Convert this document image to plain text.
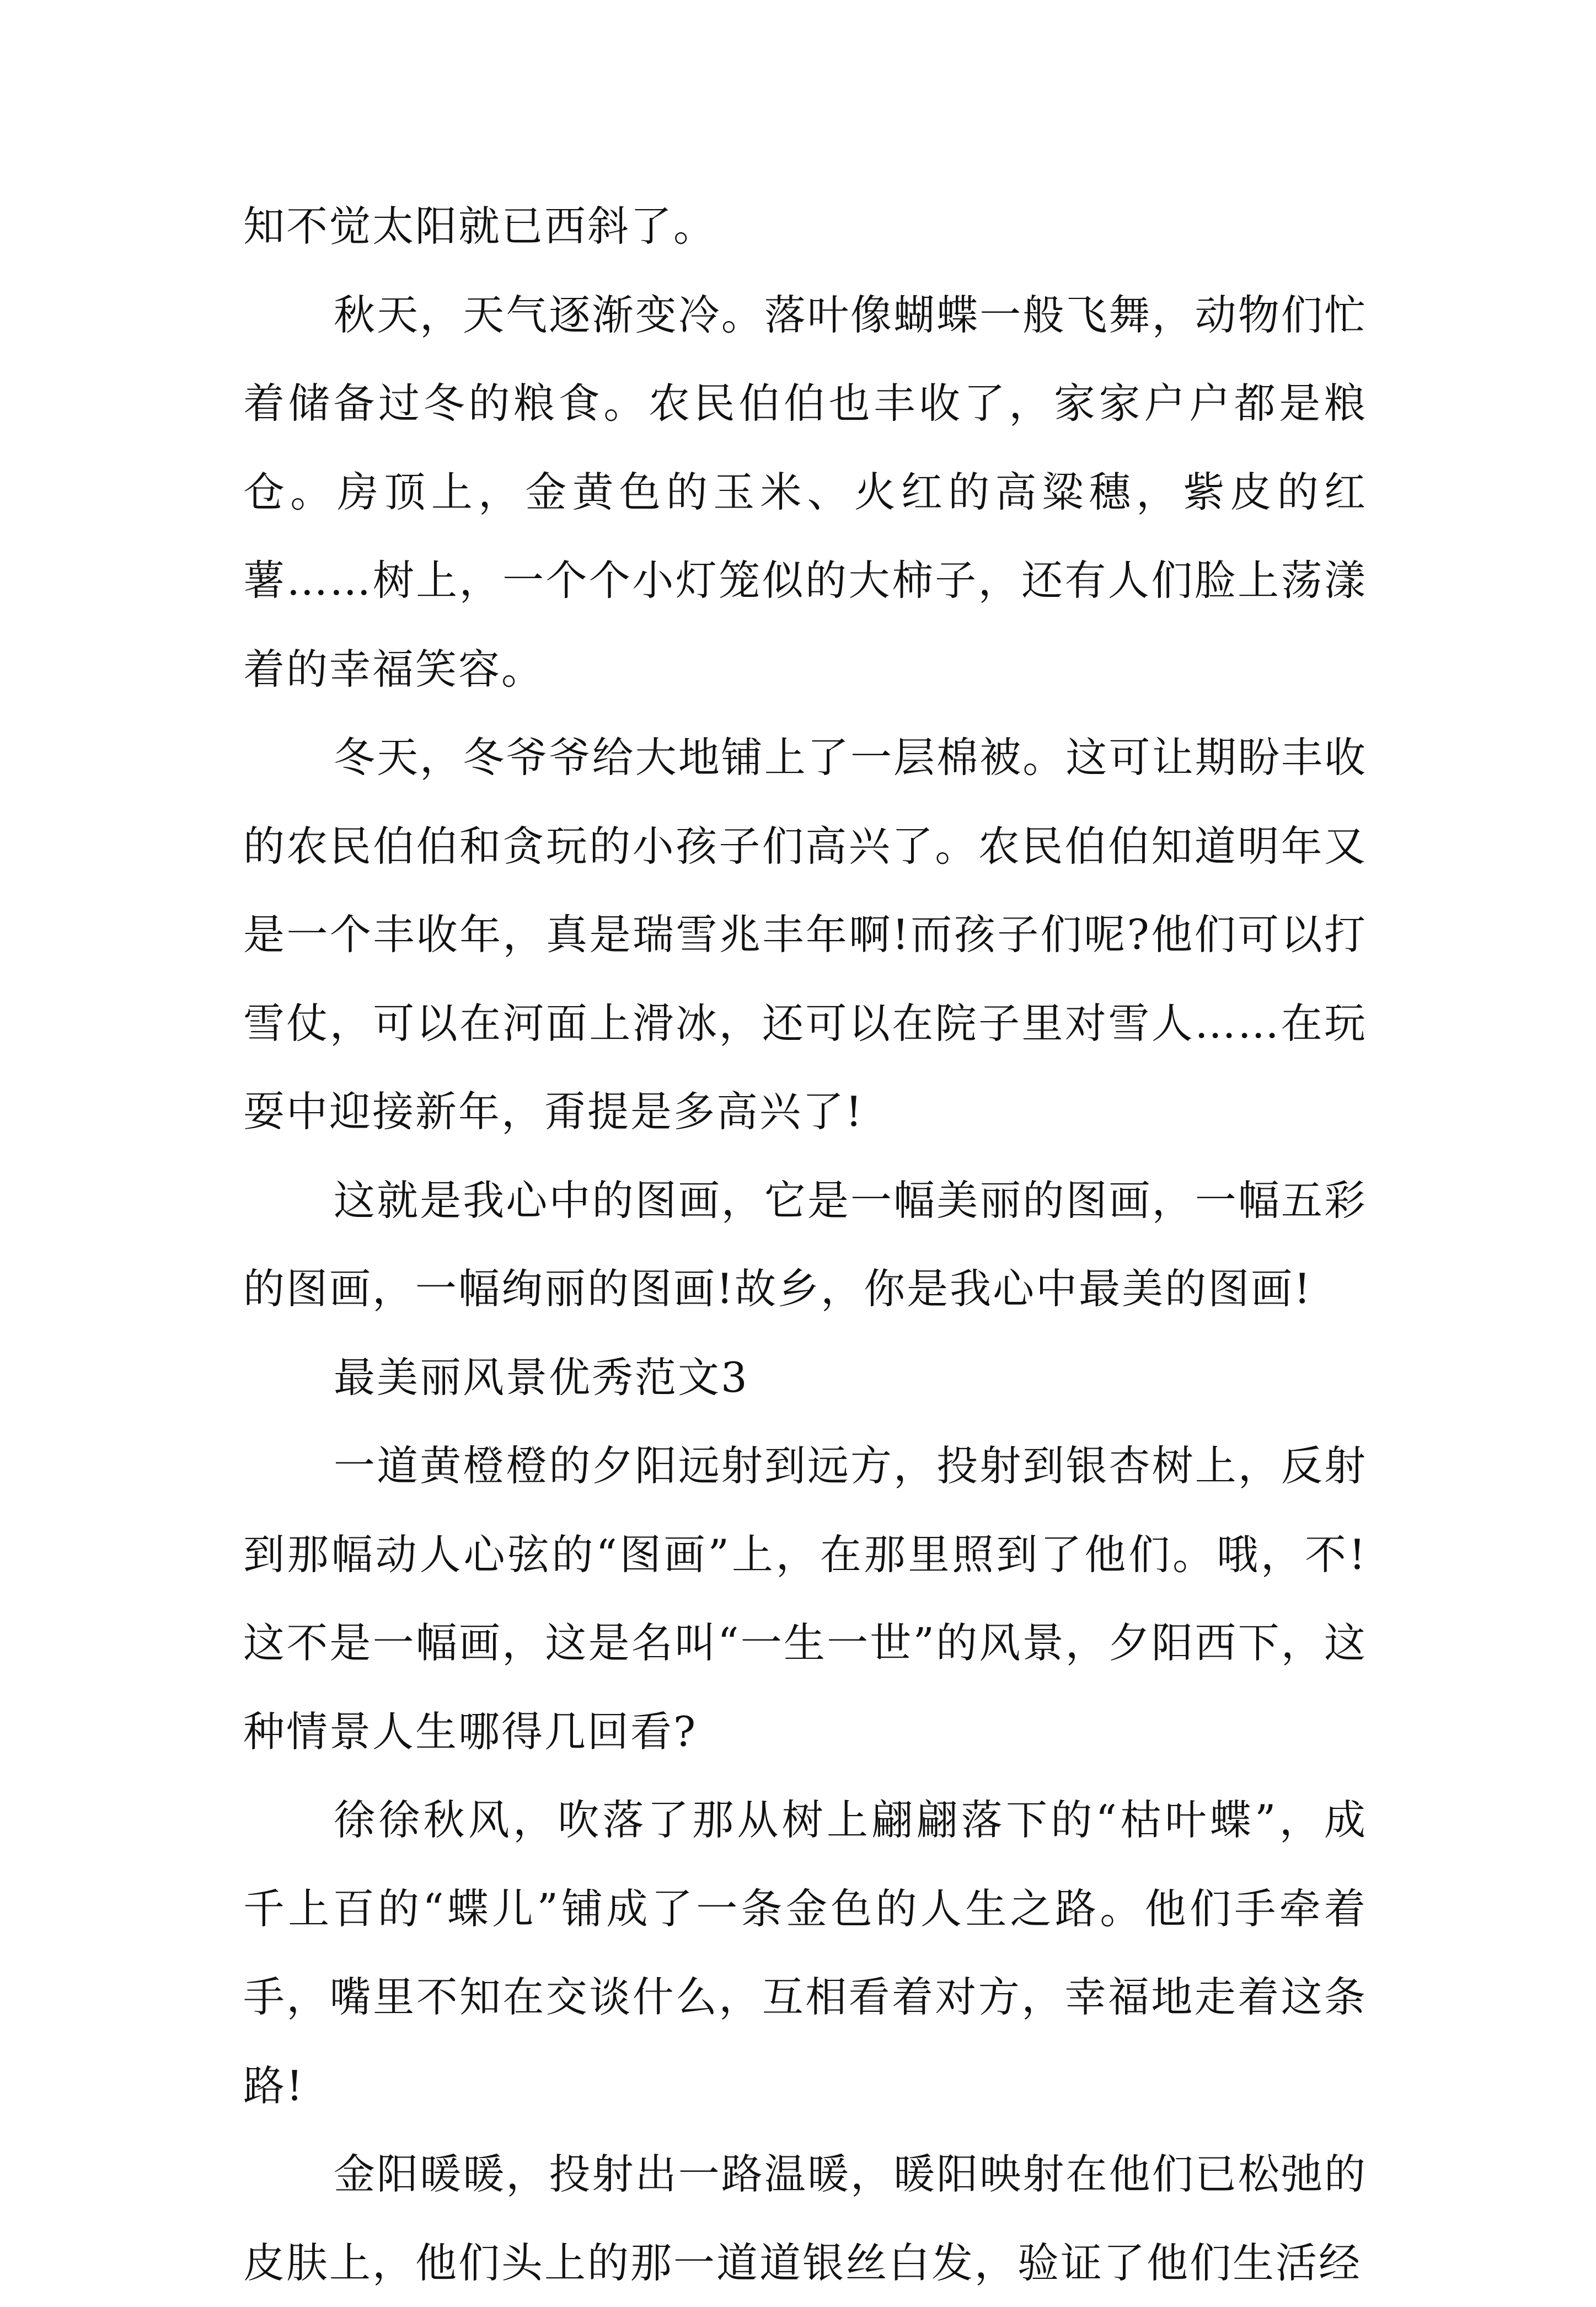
知不觉太阳就已西斜了。

秋天，天气逐渐变冷。落叶像蝴蝶一般飞舞，动物们忙着储备过冬的粮食。农民伯伯也丰收了，家家户户都是粮仓。房顶上，金黄色的玉米、火红的高粱穗，紫皮的红薯……树上，一个个小灯笼似的大柿子，还有人们脸上荡漾着的幸福笑容。

冬天，冬爷爷给大地铺上了一层棉被。这可让期盼丰收的农民伯伯和贪玩的小孩子们高兴了。农民伯伯知道明年又是一个丰收年，真是瑞雪兆丰年啊!而孩子们呢?他们可以打雪仗，可以在河面上滑冰，还可以在院子里对雪人……在玩耍中迎接新年，甭提是多高兴了!

这就是我心中的图画，它是一幅美丽的图画，一幅五彩的图画，一幅绚丽的图画!故乡，你是我心中最美的图画!

最美丽风景优秀范文3

一道黄橙橙的夕阳远射到远方，投射到银杏树上，反射到那幅动人心弦的“图画”上，在那里照到了他们。哦，不!这不是一幅画，这是名叫“一生一世”的风景，夕阳西下，这种情景人生哪得几回看?

徐徐秋风，吹落了那从树上翩翩落下的“枯叶蝶”，成千上百的“蝶儿”铺成了一条金色的人生之路。他们手牵着手，嘴里不知在交谈什么，互相看着对方，幸福地走着这条路!

金阳暖暖，投射出一路温暖，暖阳映射在他们已松弛的皮肤上，他们头上的那一道道银丝白发，验证了他们生活经
